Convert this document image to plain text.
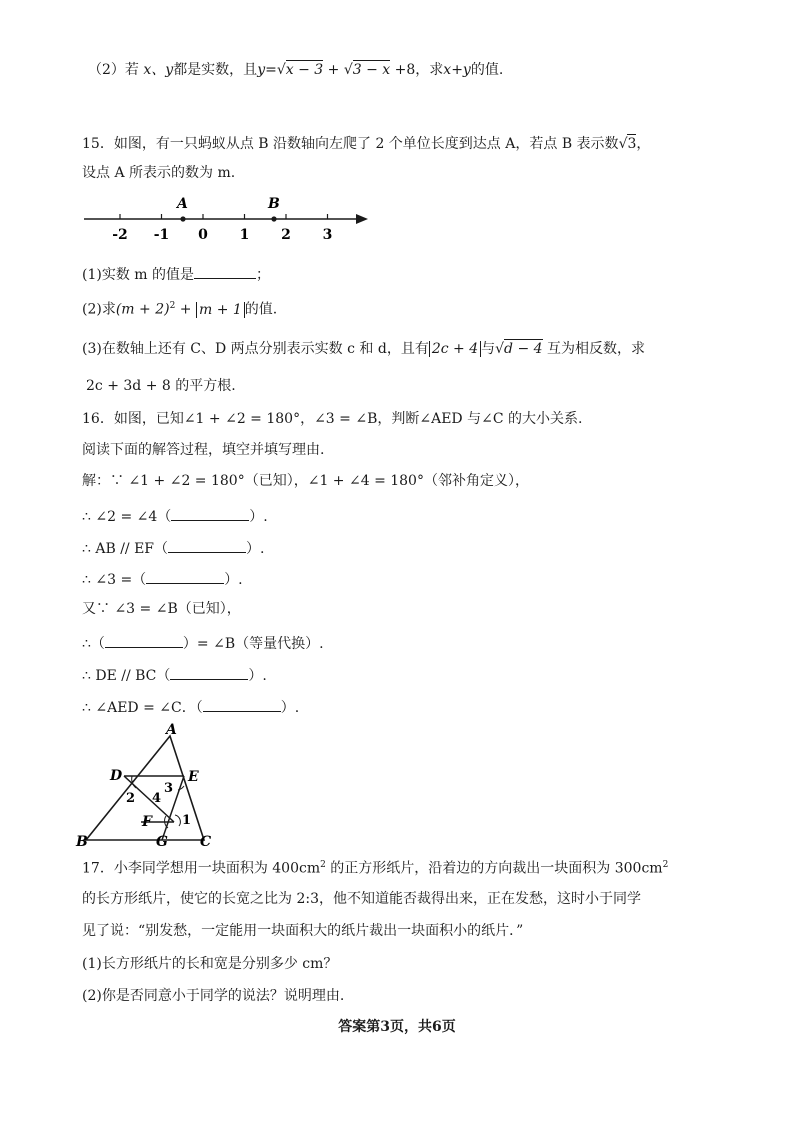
（2）若 x、y都是实数，且y=√x − 3 + √3 − x +8，求x+y的值.
15．如图，有一只蚂蚁从点 B 沿数轴向左爬了 2 个单位长度到达点 A，若点 B 表示数√3，
设点 A 所表示的数为 m.
-2 -1 0 1 2 3
A	B
(1)实数 m 的值是	；
(2)求$(m + 2)^2 + m + 1$ 的值.
(3)在数轴上还有 C、D 两点分别表示实数 c 和 d，且有 2c + 4 与√d − 4 互为相反数，求
2c + 3d + 8 的平方根.
16．如图，已知∠1 + ∠2 = 180°，∠3 = ∠B，判断∠AED 与∠C 的大小关系.
阅读下面的解答过程，填空并填写理由.
解：∵ ∠1 + ∠2 = 180°（已知），∠1 + ∠4 = 180°（邻补角定义），
∴ ∠2 = ∠4（	）.
∴ AB // EF（	）.
∴ ∠3 =（	）.
又∵ ∠3 = ∠B（已知），
∴（	）= ∠B（等量代换）.
∴ DE // BC（	）.
∴ ∠AED = ∠C．（	）.
A
B	C
D	E
F
G
2 4
3
1
17．小李同学想用一块面积为 $400cm^2$ 的正方形纸片，沿着边的方向裁出一块面积为 $300cm^2$
的长方形纸片，使它的长宽之比为 2:3，他不知道能否裁得出来，正在发愁，这时小于同学
见了说：“别发愁，一定能用一块面积大的纸片裁出一块面积小的纸片．”
(1)长方形纸片的长和宽是分别多少 cm？
(2)你是否同意小于同学的说法？说明理由.
答案第3页，共6页
